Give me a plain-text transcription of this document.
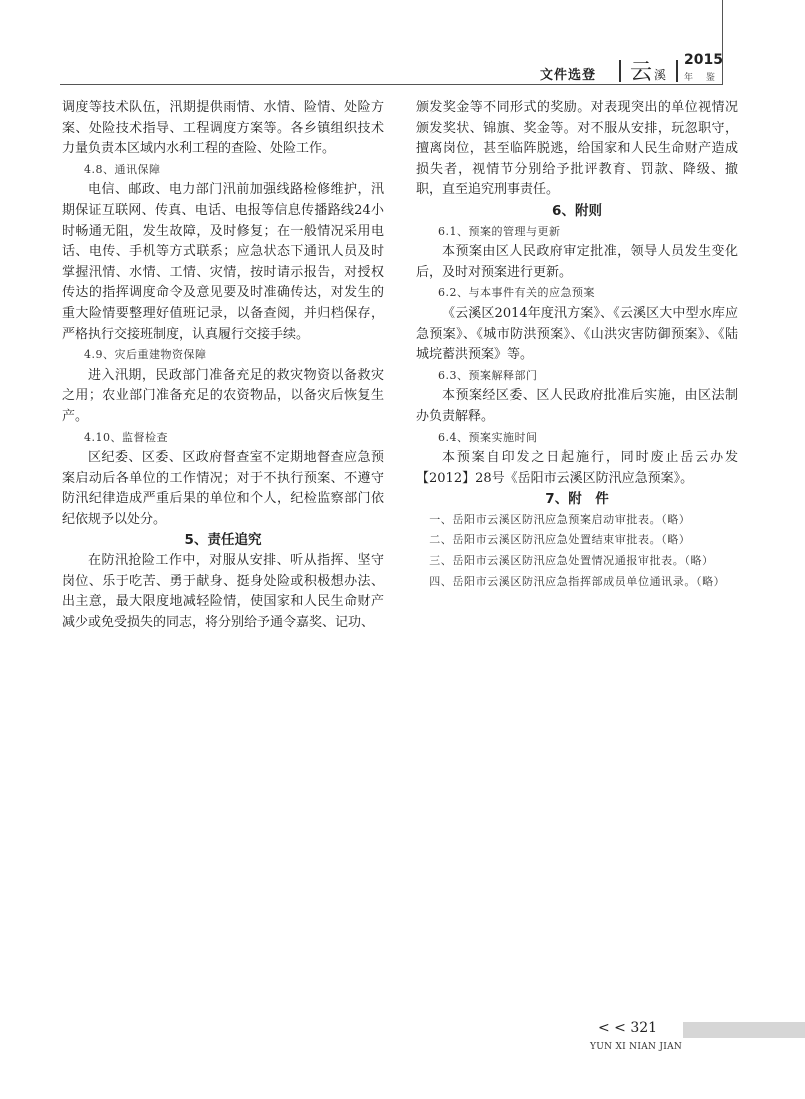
文件选登 云 溪
2015
年 鉴

调度等技术队伍，汛期提供雨情、水情、险情、处险方案、处险技术指导、工程调度方案等。各乡镇组织技术力量负责本区域内水利工程的查险、处险工作。

4.8、通讯保障

电信、邮政、电力部门汛前加强线路检修维护，汛期保证互联网、传真、电话、电报等信息传播路线24小时畅通无阻，发生故障，及时修复；在一般情况采用电话、电传、手机等方式联系；应急状态下通讯人员及时掌握汛情、水情、工情、灾情，按时请示报告，对授权传达的指挥调度命令及意见要及时准确传达，对发生的重大险情要整理好值班记录，以备查阅，并归档保存，严格执行交接班制度，认真履行交接手续。

4.9、灾后重建物资保障

进入汛期，民政部门准备充足的救灾物资以备救灾之用；农业部门准备充足的农资物品，以备灾后恢复生产。

4.10、监督检查

区纪委、区委、区政府督查室不定期地督查应急预案启动后各单位的工作情况；对于不执行预案、不遵守防汛纪律造成严重后果的单位和个人，纪检监察部门依纪依规予以处分。

5、责任追究

在防汛抢险工作中，对服从安排、听从指挥、坚守岗位、乐于吃苦、勇于献身、挺身处险或积极想办法、出主意，最大限度地减轻险情，使国家和人民生命财产减少或免受损失的同志，将分别给予通令嘉奖、记功、

颁发奖金等不同形式的奖励。对表现突出的单位视情况颁发奖状、锦旗、奖金等。对不服从安排，玩忽职守，擅离岗位，甚至临阵脱逃，给国家和人民生命财产造成损失者，视情节分别给予批评教育、罚款、降级、撤职，直至追究刑事责任。

6、附则

6.1、预案的管理与更新

本预案由区人民政府审定批准，领导人员发生变化后，及时对预案进行更新。

6.2、与本事件有关的应急预案

《云溪区2014年度汛方案》、《云溪区大中型水库应急预案》、《城市防洪预案》、《山洪灾害防御预案》、《陆城垸蓄洪预案》等。

6.3、预案解释部门

本预案经区委、区人民政府批准后实施，由区法制办负责解释。

6.4、预案实施时间

本预案自印发之日起施行，同时废止岳云办发【2012】28号《岳阳市云溪区防汛应急预案》。

7、附　件

一、岳阳市云溪区防汛应急预案启动审批表。（略）

二、岳阳市云溪区防汛应急处置结束审批表。（略）

三、岳阳市云溪区防汛应急处置情况通报审批表。（略）

四、岳阳市云溪区防汛应急指挥部成员单位通讯录。（略）

< < 321
YUN XI NIAN JIAN
